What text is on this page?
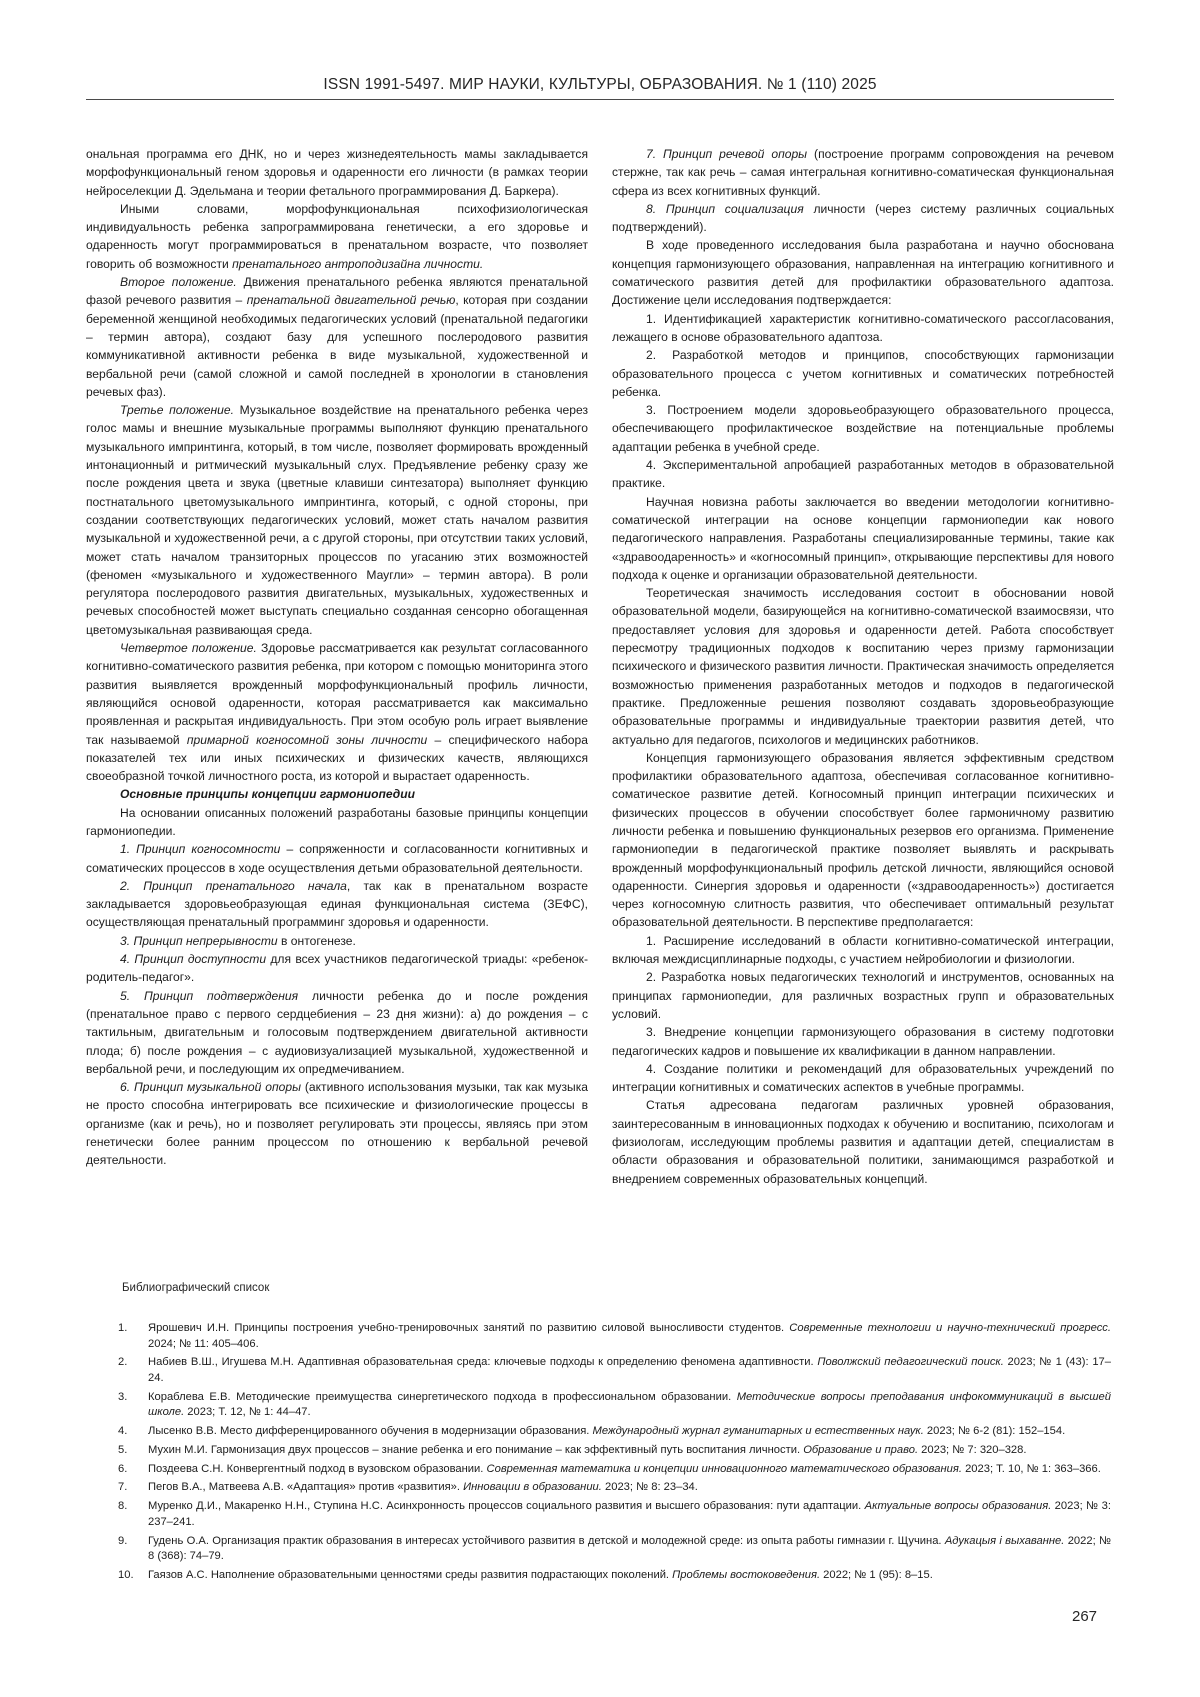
ISSN 1991-5497. МИР НАУКИ, КУЛЬТУРЫ, ОБРАЗОВАНИЯ. № 1 (110) 2025

ональная программа его ДНК, но и через жизнедеятельность мамы закладывается морфофункциональный геном здоровья и одаренности его личности (в рамках теории нейроселекции Д. Эдельмана и теории фетального программирования Д. Баркера).

Иными словами, морфофункциональная психофизиологическая индивидуальность ребенка запрограммирована генетически, а его здоровье и одаренность могут программироваться в пренатальном возрасте, что позволяет говорить об возможности пренатального антроподизайна личности.

Второе положение. Движения пренатального ребенка являются пренатальной фазой речевого развития – пренатальной двигательной речью, которая при создании беременной женщиной необходимых педагогических условий (пренатальной педагогики – термин автора), создают базу для успешного послеродового развития коммуникативной активности ребенка в виде музыкальной, художественной и вербальной речи (самой сложной и самой последней в хронологии в становления речевых фаз).

Третье положение. Музыкальное воздействие на пренатального ребенка через голос мамы и внешние музыкальные программы выполняют функцию пренатального музыкального импринтинга, который, в том числе, позволяет формировать врожденный интонационный и ритмический музыкальный слух. Предъявление ребенку сразу же после рождения цвета и звука (цветные клавиши синтезатора) выполняет функцию постнатального цветомузыкального импринтинга, который, с одной стороны, при создании соответствующих педагогических условий, может стать началом развития музыкальной и художественной речи, а с другой стороны, при отсутствии таких условий, может стать началом транзиторных процессов по угасанию этих возможностей (феномен «музыкального и художественного Маугли» – термин автора). В роли регулятора послеродового развития двигательных, музыкальных, художественных и речевых способностей может выступать специально созданная сенсорно обогащенная цветомузыкальная развивающая среда.

Четвертое положение. Здоровье рассматривается как результат согласованного когнитивно-соматического развития ребенка, при котором с помощью мониторинга этого развития выявляется врожденный морфофункциональный профиль личности, являющийся основой одаренности, которая рассматривается как максимально проявленная и раскрытая индивидуальность. При этом особую роль играет выявление так называемой примарной когносомной зоны личности – специфического набора показателей тех или иных психических и физических качеств, являющихся своеобразной точкой личностного роста, из которой и вырастает одаренность.

Основные принципы концепции гармониопедии

На основании описанных положений разработаны базовые принципы концепции гармониопедии.

1. Принцип когносомности – сопряженности и согласованности когнитивных и соматических процессов в ходе осуществления детьми образовательной деятельности.

2. Принцип пренатального начала, так как в пренатальном возрасте закладывается здоровьеобразующая единая функциональная система (ЗЕФС), осуществляющая пренатальный программинг здоровья и одаренности.

3. Принцип непрерывности в онтогенезе.

4. Принцип доступности для всех участников педагогической триады: «ребенок-родитель-педагог».

5. Принцип подтверждения личности ребенка до и после рождения (пренатальное право с первого сердцебиения – 23 дня жизни): а) до рождения – с тактильным, двигательным и голосовым подтверждением двигательной активности плода; б) после рождения – с аудиовизуализацией музыкальной, художественной и вербальной речи, и последующим их опредмечиванием.

6. Принцип музыкальной опоры (активного использования музыки, так как музыка не просто способна интегрировать все психические и физиологические процессы в организме (как и речь), но и позволяет регулировать эти процессы, являясь при этом генетически более ранним процессом по отношению к вербальной речевой деятельности.

7. Принцип речевой опоры (построение программ сопровождения на речевом стержне, так как речь – самая интегральная когнитивно-соматическая функциональная сфера из всех когнитивных функций.

8. Принцип социализация личности (через систему различных социальных подтверждений).

В ходе проведенного исследования была разработана и научно обоснована концепция гармонизующего образования, направленная на интеграцию когнитивного и соматического развития детей для профилактики образовательного адаптоза. Достижение цели исследования подтверждается:

1. Идентификацией характеристик когнитивно-соматического рассогласования, лежащего в основе образовательного адаптоза.

2. Разработкой методов и принципов, способствующих гармонизации образовательного процесса с учетом когнитивных и соматических потребностей ребенка.

3. Построением модели здоровьеобразующего образовательного процесса, обеспечивающего профилактическое воздействие на потенциальные проблемы адаптации ребенка в учебной среде.

4. Экспериментальной апробацией разработанных методов в образовательной практике.

Научная новизна работы заключается во введении методологии когнитивно-соматической интеграции на основе концепции гармониопедии как нового педагогического направления. Разработаны специализированные термины, такие как «здравоодаренность» и «когносомный принцип», открывающие перспективы для нового подхода к оценке и организации образовательной деятельности.

Теоретическая значимость исследования состоит в обосновании новой образовательной модели, базирующейся на когнитивно-соматической взаимосвязи, что предоставляет условия для здоровья и одаренности детей. Работа способствует пересмотру традиционных подходов к воспитанию через призму гармонизации психического и физического развития личности. Практическая значимость определяется возможностью применения разработанных методов и подходов в педагогической практике. Предложенные решения позволяют создавать здоровьеобразующие образовательные программы и индивидуальные траектории развития детей, что актуально для педагогов, психологов и медицинских работников.

Концепция гармонизующего образования является эффективным средством профилактики образовательного адаптоза, обеспечивая согласованное когнитивно-соматическое развитие детей. Когносомный принцип интеграции психических и физических процессов в обучении способствует более гармоничному развитию личности ребенка и повышению функциональных резервов его организма. Применение гармониопедии в педагогической практике позволяет выявлять и раскрывать врожденный морфофункциональный профиль детской личности, являющийся основой одаренности. Синергия здоровья и одаренности («здравоодаренность») достигается через когносомную слитность развития, что обеспечивает оптимальный результат образовательной деятельности. В перспективе предполагается:

1. Расширение исследований в области когнитивно-соматической интеграции, включая междисциплинарные подходы, с участием нейробиологии и физиологии.

2. Разработка новых педагогических технологий и инструментов, основанных на принципах гармониопедии, для различных возрастных групп и образовательных условий.

3. Внедрение концепции гармонизующего образования в систему подготовки педагогических кадров и повышение их квалификации в данном направлении.

4. Создание политики и рекомендаций для образовательных учреждений по интеграции когнитивных и соматических аспектов в учебные программы.

Статья адресована педагогам различных уровней образования, заинтересованным в инновационных подходах к обучению и воспитанию, психологам и физиологам, исследующим проблемы развития и адаптации детей, специалистам в области образования и образовательной политики, занимающимся разработкой и внедрением современных образовательных концепций.

Библиографический список
1. Ярошевич И.Н. Принципы построения учебно-тренировочных занятий по развитию силовой выносливости студентов. Современные технологии и научно-технический прогресс. 2024; № 11: 405–406.
2. Набиев В.Ш., Игушева М.Н. Адаптивная образовательная среда: ключевые подходы к определению феномена адаптивности. Поволжский педагогический поиск. 2023; № 1 (43): 17–24.
3. Кораблева Е.В. Методические преимущества синергетического подхода в профессиональном образовании. Методические вопросы преподавания инфокоммуникаций в высшей школе. 2023; Т. 12, № 1: 44–47.
4. Лысенко В.В. Место дифференцированного обучения в модернизации образования. Международный журнал гуманитарных и естественных наук. 2023; № 6-2 (81): 152–154.
5. Мухин М.И. Гармонизация двух процессов – знание ребенка и его понимание – как эффективный путь воспитания личности. Образование и право. 2023; № 7: 320–328.
6. Поздеева С.Н. Конвергентный подход в вузовском образовании. Современная математика и концепции инновационного математического образования. 2023; Т. 10, № 1: 363–366.
7. Пегов В.А., Матвеева А.В. «Адаптация» против «развития». Инновации в образовании. 2023; № 8: 23–34.
8. Муренко Д.И., Макаренко Н.Н., Ступина Н.С. Асинхронность процессов социального развития и высшего образования: пути адаптации. Актуальные вопросы образования. 2023; № 3: 237–241.
9. Гудень О.А. Организация практик образования в интересах устойчивого развития в детской и молодежной среде: из опыта работы гимназии г. Щучина. Адукацыя і выхаванне. 2022; № 8 (368): 74–79.
10. Гаязов А.С. Наполнение образовательными ценностями среды развития подрастающих поколений. Проблемы востоковедения. 2022; № 1 (95): 8–15.
267
